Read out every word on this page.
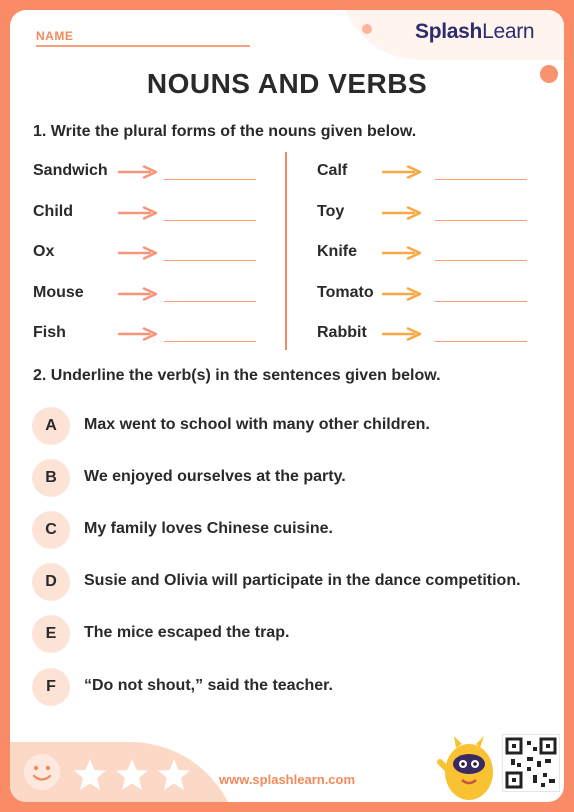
NAME	SplashLearn
NOUNS AND VERBS
1. Write the plural forms of the nouns given below.
Sandwich
Child
Ox
Mouse
Fish
Calf
Toy
Knife
Tomato
Rabbit
2. Underline the verb(s) in the sentences given below.
A	Max went to school with many other children.
B	We enjoyed ourselves at the party.
C	My family loves Chinese cuisine.
D	Susie and Olivia will participate in the dance competition.
E	The mice escaped the trap.
F	“Do not shout,” said the teacher.
www.splashlearn.com
